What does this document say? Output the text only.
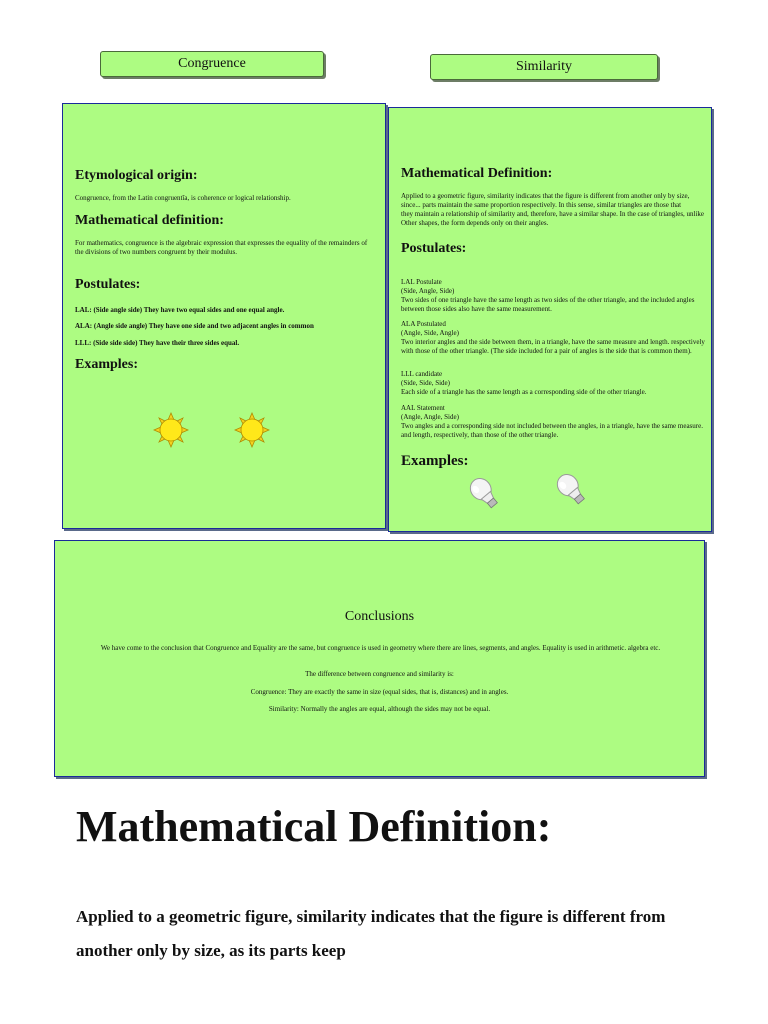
Congruence	Similarity
Etymological origin:

Congruence, from the Latin congruentĭa, is coherence or logical relationship.

Mathematical definition:

For mathematics, congruence is the algebraic expression that expresses the equality of the remainders of the divisions of two numbers congruent by their modulus.

Postulates:

LAL: (Side angle side) They have two equal sides and one equal angle.

ALA: (Angle side angle) They have one side and two adjacent angles in common

LLL: (Side side side) They have their three sides equal.

Examples:
Mathematical Definition:

Applied to a geometric figure, similarity indicates that the figure is different from another only by size, since... parts maintain the same proportion respectively. In this sense, similar triangles are those that

they maintain a relationship of similarity and, therefore, have a similar shape. In the case of triangles, unlike

Other shapes, the form depends only on their angles.

Postulates:

LAL Postulate

(Side, Angle, Side)

Two sides of one triangle have the same length as two sides of the other triangle, and the included angles between those sides also have the same measurement.

ALA Postulated

(Angle, Side, Angle)

Two interior angles and the side between them, in a triangle, have the same measure and length. respectively with those of the other triangle. (The side included for a pair of angles is the side that is common them).

LLL candidate

(Side, Side, Side)

Each side of a triangle has the same length as a corresponding side of the other triangle.

AAL Statement

(Angle, Angle, Side)

Two angles and a corresponding side not included between the angles, in a triangle, have the same measure. and length, respectively, than those of the other triangle.

Examples:
Conclusions

We have come to the conclusion that Congruence and Equality are the same, but congruence is used in geometry where there are lines, segments, and angles. Equality is used in arithmetic. algebra etc.

The difference between congruence and similarity is:

Congruence: They are exactly the same in size (equal sides, that is, distances) and in angles.

Similarity: Normally the angles are equal, although the sides may not be equal.

Mathematical Definition:

Applied to a geometric figure, similarity indicates that the figure is different from another only by size, as its parts keep
